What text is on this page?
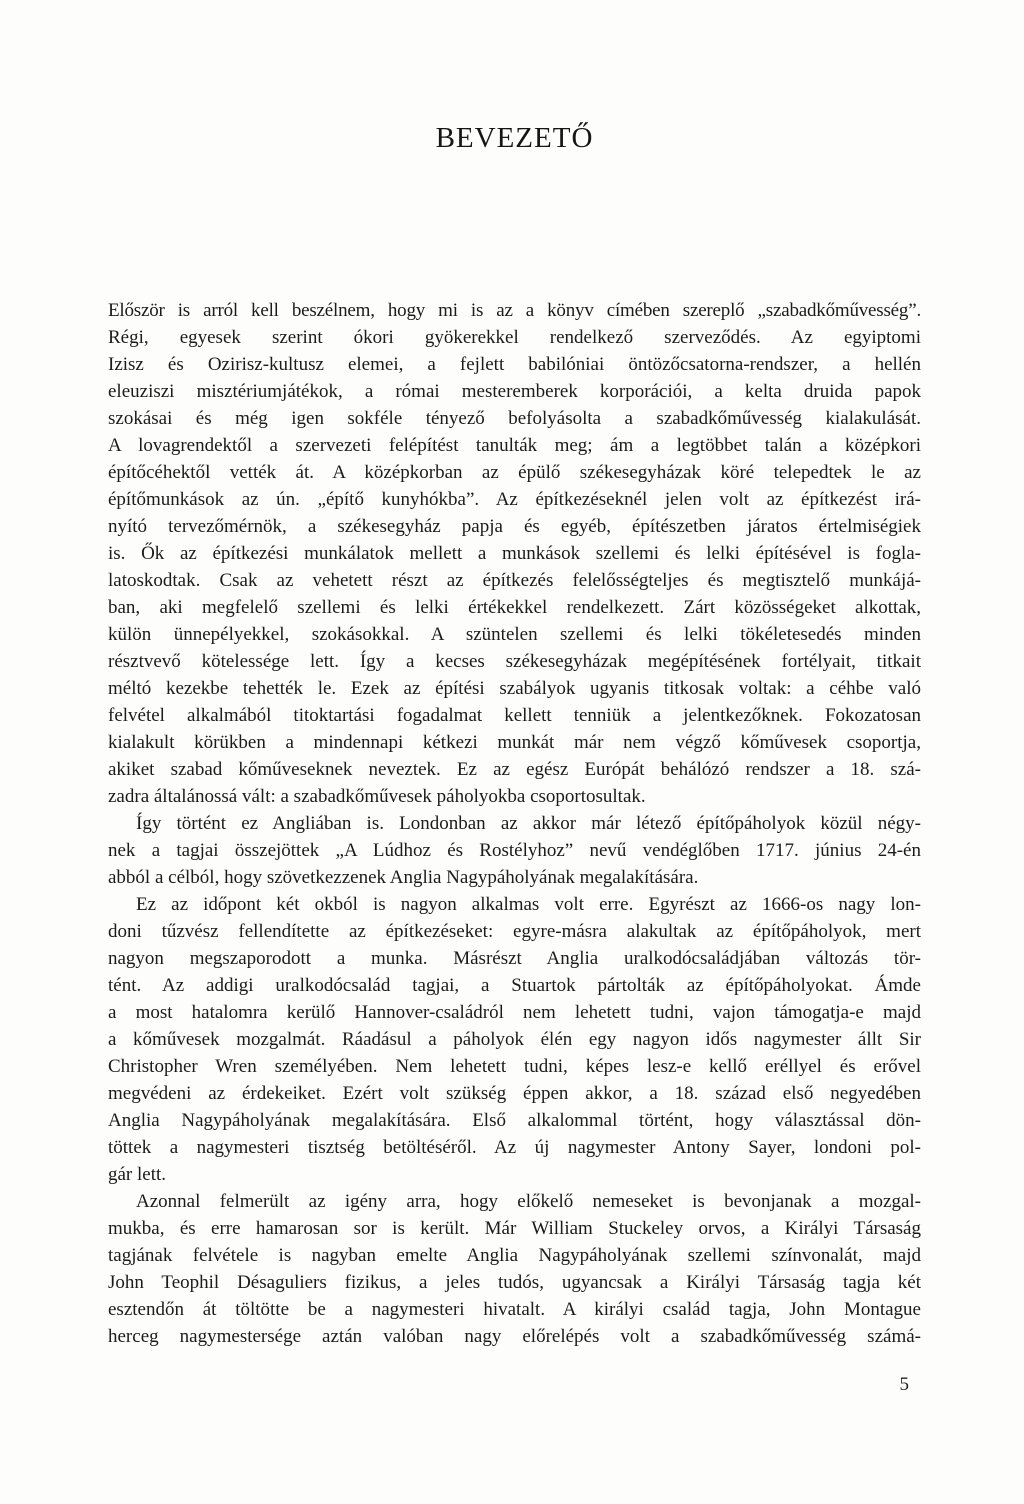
BEVEZETŐ
Először is arról kell beszélnem, hogy mi is az a könyv címében szereplő „szabadkőművesség”.
Régi, egyesek szerint ókori gyökerekkel rendelkező szerveződés. Az egyiptomi
Izisz és Ozirisz-kultusz elemei, a fejlett babilóniai öntözőcsatorna-rendszer, a hellén
eleuziszi misztériumjátékok, a római mesteremberek korporációi, a kelta druida papok
szokásai és még igen sokféle tényező befolyásolta a szabadkőművesség kialakulását.
A lovagrendektől a szervezeti felépítést tanulták meg; ám a legtöbbet talán a középkori
építőcéhektől vették át. A középkorban az épülő székesegyházak köré telepedtek le az
építőmunkások az ún. „építő kunyhókba”. Az építkezéseknél jelen volt az építkezést irá-
nyító tervezőmérnök, a székesegyház papja és egyéb, építészetben járatos értelmiségiek
is. Ők az építkezési munkálatok mellett a munkások szellemi és lelki építésével is fogla-
latoskodtak. Csak az vehetett részt az építkezés felelősségteljes és megtisztelő munkájá-
ban, aki megfelelő szellemi és lelki értékekkel rendelkezett. Zárt közösségeket alkottak,
külön ünnepélyekkel, szokásokkal. A szüntelen szellemi és lelki tökéletesedés minden
résztvevő kötelessége lett. Így a kecses székesegyházak megépítésének fortélyait, titkait
méltó kezekbe tehették le. Ezek az építési szabályok ugyanis titkosak voltak: a céhbe való
felvétel alkalmából titoktartási fogadalmat kellett tenniük a jelentkezőknek. Fokozatosan
kialakult körükben a mindennapi kétkezi munkát már nem végző kőművesek csoportja,
akiket szabad kőműveseknek neveztek. Ez az egész Európát behálózó rendszer a 18. szá-
zadra általánossá vált: a szabadkőművesek páholyokba csoportosultak.
Így történt ez Angliában is. Londonban az akkor már létező építőpáholyok közül négy-
nek a tagjai összejöttek „A Lúdhoz és Rostélyhoz” nevű vendéglőben 1717. június 24-én
abból a célból, hogy szövetkezzenek Anglia Nagypáholyának megalakítására.
Ez az időpont két okból is nagyon alkalmas volt erre. Egyrészt az 1666-os nagy lon-
doni tűzvész fellendítette az építkezéseket: egyre-másra alakultak az építőpáholyok, mert
nagyon megszaporodott a munka. Másrészt Anglia uralkodócsaládjában változás tör-
tént. Az addigi uralkodócsalád tagjai, a Stuartok pártolták az építőpáholyokat. Ámde
a most hatalomra kerülő Hannover-családról nem lehetett tudni, vajon támogatja-e majd
a kőművesek mozgalmát. Ráadásul a páholyok élén egy nagyon idős nagymester állt Sir
Christopher Wren személyében. Nem lehetett tudni, képes lesz-e kellő eréllyel és erővel
megvédeni az érdekeiket. Ezért volt szükség éppen akkor, a 18. század első negyedében
Anglia Nagypáholyának megalakítására. Első alkalommal történt, hogy választással dön-
töttek a nagymesteri tisztség betöltéséről. Az új nagymester Antony Sayer, londoni pol-
gár lett.
Azonnal felmerült az igény arra, hogy előkelő nemeseket is bevonjanak a mozgal-
mukba, és erre hamarosan sor is került. Már William Stuckeley orvos, a Királyi Társaság
tagjának felvétele is nagyban emelte Anglia Nagypáholyának szellemi színvonalát, majd
John Teophil Désaguliers fizikus, a jeles tudós, ugyancsak a Királyi Társaság tagja két
esztendőn át töltötte be a nagymesteri hivatalt. A királyi család tagja, John Montague
herceg nagymestersége aztán valóban nagy előrelépés volt a szabadkőművesség számá-
5
